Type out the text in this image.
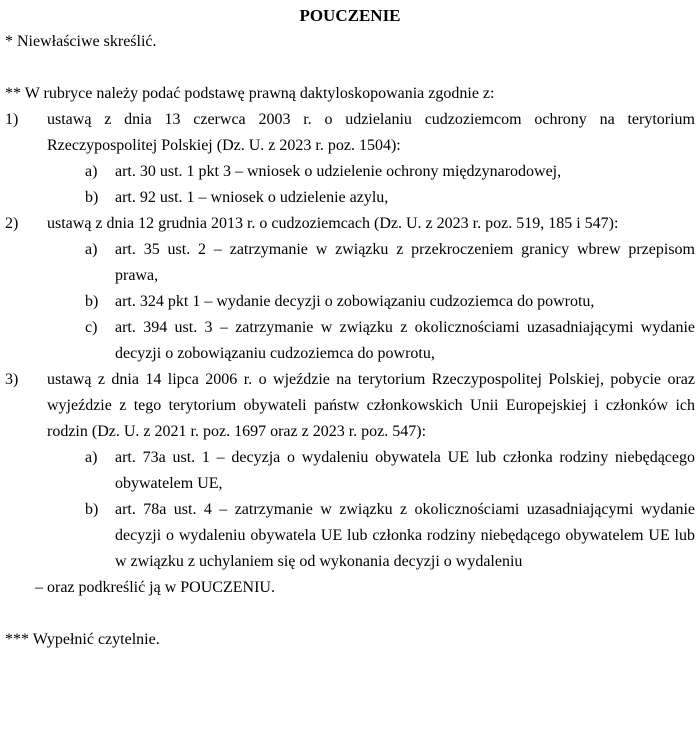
POUCZENIE
* Niewłaściwe skreślić.
** W rubryce należy podać podstawę prawną daktyloskopowania zgodnie z:
1)	ustawą z dnia 13 czerwca 2003 r. o udzielaniu cudzoziemcom ochrony na terytorium Rzeczypospolitej Polskiej (Dz. U. z 2023 r. poz. 1504):
a)	art. 30 ust. 1 pkt 3 – wniosek o udzielenie ochrony międzynarodowej,
b)	art. 92 ust. 1 – wniosek o udzielenie azylu,
2)	ustawą z dnia 12 grudnia 2013 r. o cudzoziemcach (Dz. U. z 2023 r. poz. 519, 185 i 547):
a)	art. 35 ust. 2 – zatrzymanie w związku z przekroczeniem granicy wbrew przepisom prawa,
b)	art. 324 pkt 1 – wydanie decyzji o zobowiązaniu cudzoziemca do powrotu,
c)	art. 394 ust. 3 – zatrzymanie w związku z okolicznościami uzasadniającymi wydanie decyzji o zobowiązaniu cudzoziemca do powrotu,
3)	ustawą z dnia 14 lipca 2006 r. o wjeździe na terytorium Rzeczypospolitej Polskiej, pobycie oraz wyjeździe z tego terytorium obywateli państw członkowskich Unii Europejskiej i członków ich rodzin (Dz. U. z 2021 r. poz. 1697 oraz z 2023 r. poz. 547):
a)	art. 73a ust. 1 – decyzja o wydaleniu obywatela UE lub członka rodziny niebędącego obywatelem UE,
b)	art. 78a ust. 4 – zatrzymanie w związku z okolicznościami uzasadniającymi wydanie decyzji o wydaleniu obywatela UE lub członka rodziny niebędącego obywatelem UE lub w związku z uchylaniem się od wykonania decyzji o wydaleniu
– oraz podkreślić ją w POUCZENIU.
*** Wypełnić czytelnie.
